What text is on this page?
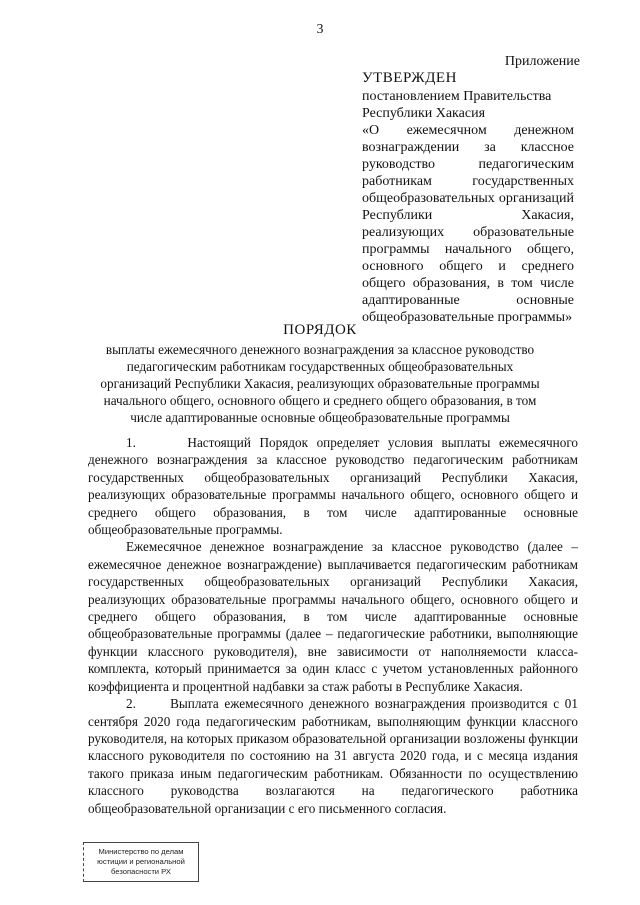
3
Приложение
УТВЕРЖДЕН
постановлением Правительства
Республики Хакасия
«О ежемесячном денежном вознаграждении за классное руководство педагогическим работникам государственных общеобразовательных организаций Республики Хакасия, реализующих образовательные программы начального общего, основного общего и среднего общего образования, в том числе адаптированные основные общеобразовательные программы»
ПОРЯДОК
выплаты ежемесячного денежного вознаграждения за классное руководство педагогическим работникам государственных общеобразовательных организаций Республики Хакасия, реализующих образовательные программы начального общего, основного общего и среднего общего образования, в том числе адаптированные основные общеобразовательные программы

1.      Настоящий Порядок определяет условия выплаты ежемесячного денежного вознаграждения за классное руководство педагогическим работникам государственных общеобразовательных организаций Республики Хакасия, реализующих образовательные программы начального общего, основного общего и среднего общего образования, в том числе адаптированные основные общеобразовательные программы.

Ежемесячное денежное вознаграждение за классное руководство (далее – ежемесячное денежное вознаграждение) выплачивается педагогическим работникам государственных общеобразовательных организаций Республики Хакасия, реализующих образовательные программы начального общего, основного общего и среднего общего образования, в том числе адаптированные основные общеобразовательные программы (далее – педагогические работники, выполняющие функции классного руководителя), вне зависимости от наполняемости класса-комплекта, который принимается за один класс с учетом установленных районного коэффициента и процентной надбавки за стаж работы в Республике Хакасия.

2.      Выплата ежемесячного денежного вознаграждения производится с 01 сентября 2020 года педагогическим работникам, выполняющим функции классного руководителя, на которых приказом образовательной организации возложены функции классного руководителя по состоянию на 31 августа 2020 года, и с месяца издания такого приказа иным педагогическим работникам. Обязанности по осуществлению классного руководства возлагаются на педагогического работника общеобразовательной организации с его письменного согласия.

Министерство по делам
юстиции и региональной
безопасности РХ
